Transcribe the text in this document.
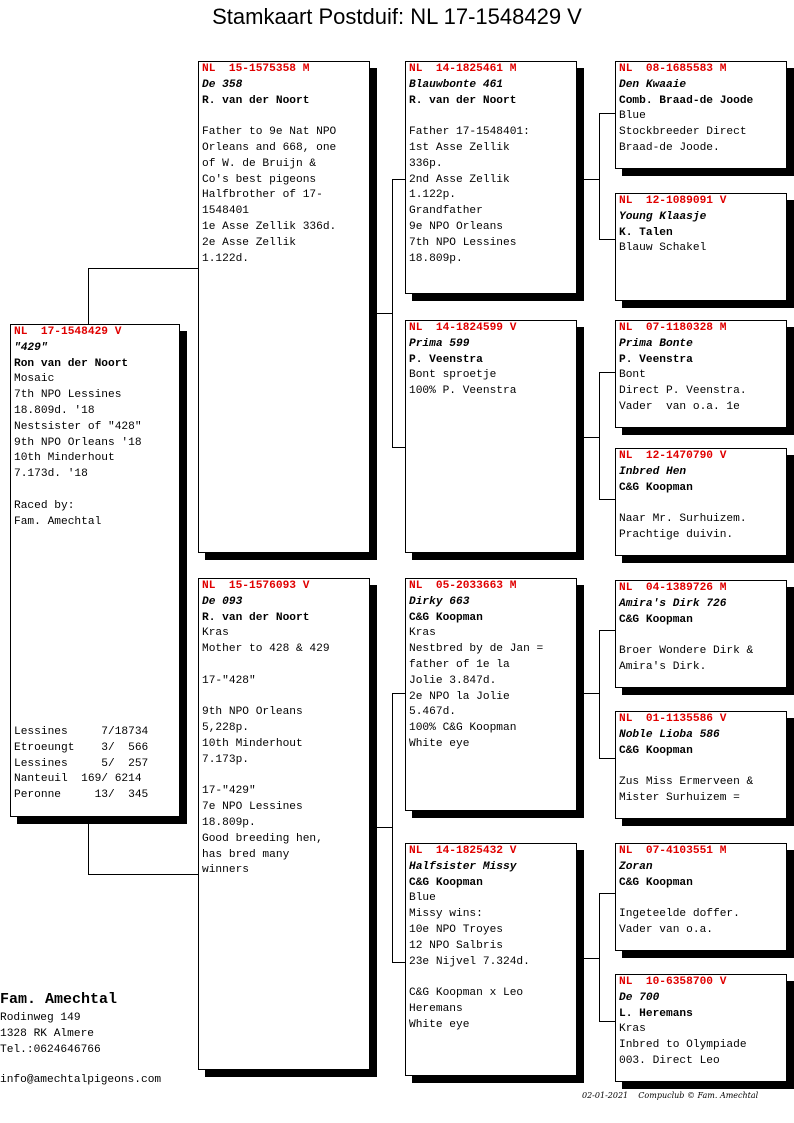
Stamkaart Postduif: NL 17-1548429 V
NL  17-1548429 V
"429"
Ron van der Noort
Mosaic
7th NPO Lessines
18.809d. '18
Nestsister of "428"
9th NPO Orleans '18
10th Minderhout
7.173d. '18
Raced by:
Fam. Amechtal
Lessines     7/18734
Etroeungt    3/  566
Lessines     5/  257
Nanteuil  169/ 6214
Peronne     13/  345
NL  15-1575358 M
De 358
R. van der Noort
Father to 9e Nat NPO
Orleans and 668, one
of W. de Bruijn &
Co's best pigeons
Halfbrother of 17-
1548401
1e Asse Zellik 336d.
2e Asse Zellik
1.122d.
NL  15-1576093 V
De 093
R. van der Noort
Kras
Mother to 428 & 429
17-"428"
9th NPO Orleans
5,228p.
10th Minderhout
7.173p.
17-"429"
7e NPO Lessines
18.809p.
Good breeding hen,
has bred many
winners
NL  14-1825461 M
Blauwbonte 461
R. van der Noort
Father 17-1548401:
1st Asse Zellik
336p.
2nd Asse Zellik
1.122p.
Grandfather
9e NPO Orleans
7th NPO Lessines
18.809p.
NL  14-1824599 V
Prima 599
P. Veenstra
Bont sproetje
100% P. Veenstra
NL  05-2033663 M
Dirky 663
C&G Koopman
Kras
Nestbred by de Jan =
father of 1e la
Jolie 3.847d.
2e NPO la Jolie
5.467d.
100% C&G Koopman
White eye
NL  14-1825432 V
Halfsister Missy
C&G Koopman
Blue
Missy wins:
10e NPO Troyes
12 NPO Salbris
23e Nijvel 7.324d.
C&G Koopman x Leo
Heremans
White eye
NL  08-1685583 M
Den Kwaaie
Comb. Braad-de Joode
Blue
Stockbreeder Direct
Braad-de Joode.
NL  12-1089091 V
Young Klaasje
K. Talen
Blauw Schakel
NL  07-1180328 M
Prima Bonte
P. Veenstra
Bont
Direct P. Veenstra.
Vader  van o.a. 1e
NL  12-1470790 V
Inbred Hen
C&G Koopman
Naar Mr. Surhuizem.
Prachtige duivin.
NL  04-1389726 M
Amira's Dirk 726
C&G Koopman
Broer Wondere Dirk &
Amira's Dirk.
NL  01-1135586 V
Noble Lioba 586
C&G Koopman
Zus Miss Ermerveen &
Mister Surhuizem =
NL  07-4103551 M
Zoran
C&G Koopman
Ingeteelde doffer.
Vader van o.a.
NL  10-6358700 V
De 700
L. Heremans
Kras
Inbred to Olympiade
003. Direct Leo
Fam. Amechtal
Rodinweg 149
1328 RK Almere
Tel.:0624646766
info@amechtalpigeons.com
02-01-2021    Compuclub © Fam. Amechtal
